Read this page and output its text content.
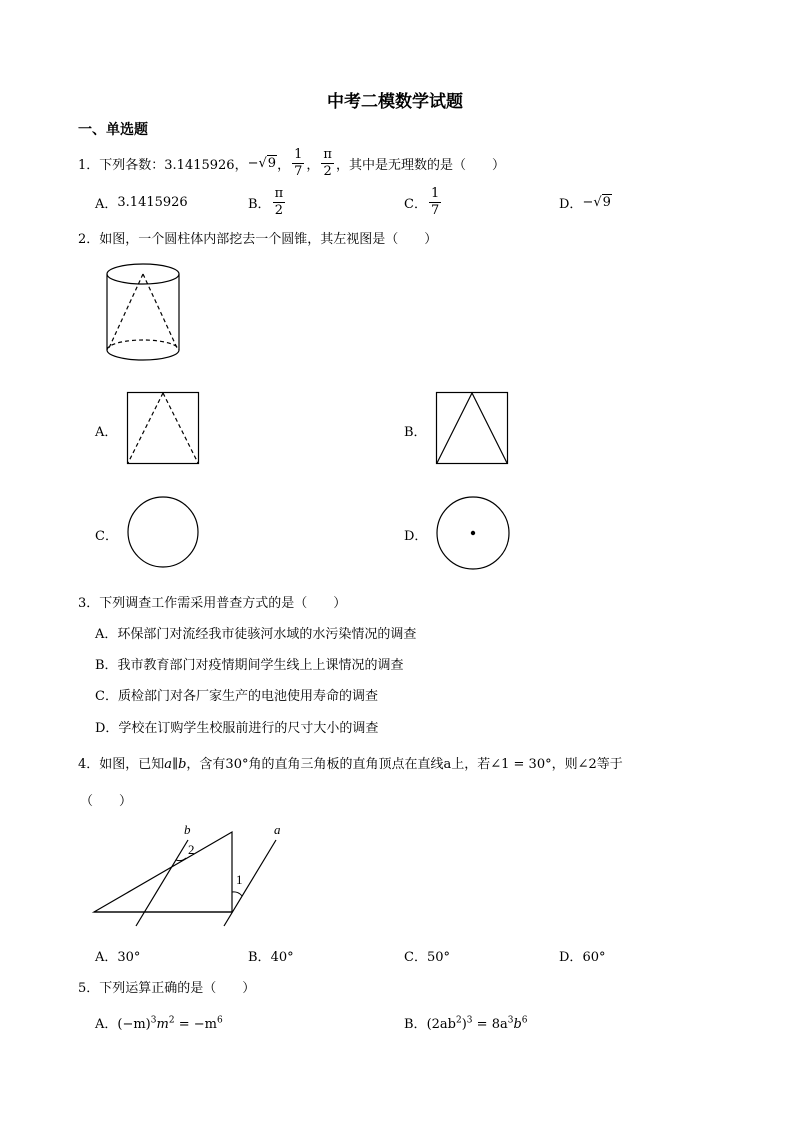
中考二模数学试题
一、单选题
1． 下列各数：3.1415926， − √9 ， $\frac{1}{7}$ ， $\frac{\pi}{2}$ ，其中是无理数的是（　　）
A． 3.1415926	B． $\frac{\pi}{2}$	C． $\frac{1}{7}$	D． − √9
2．如图，一个圆柱体内部挖去一个圆锥，其左视图是（　　）
A．	B．
C．	D．
3．下列调查工作需采用普查方式的是（　　）
A．环保部门对流经我市徒骇河水域的水污染情况的调查
B．我市教育部门对疫情期间学生线上上课情况的调查
C．质检部门对各厂家生产的电池使用寿命的调查
D．学校在订购学生校服前进行的尺寸大小的调查
4．如图，已知a∥b，含有30°角的直角三角板的直角顶点在直线a上，若∠1 = 30°，则∠2等于
（　　）
b	a
2
1
A．30°	B．40°	C．50°	D．60°
5．下列运算正确的是（　　）
A．$(-m)^3m^2 = -m^6$	B．$(2ab^2)^3 = 8a^3b^6$
